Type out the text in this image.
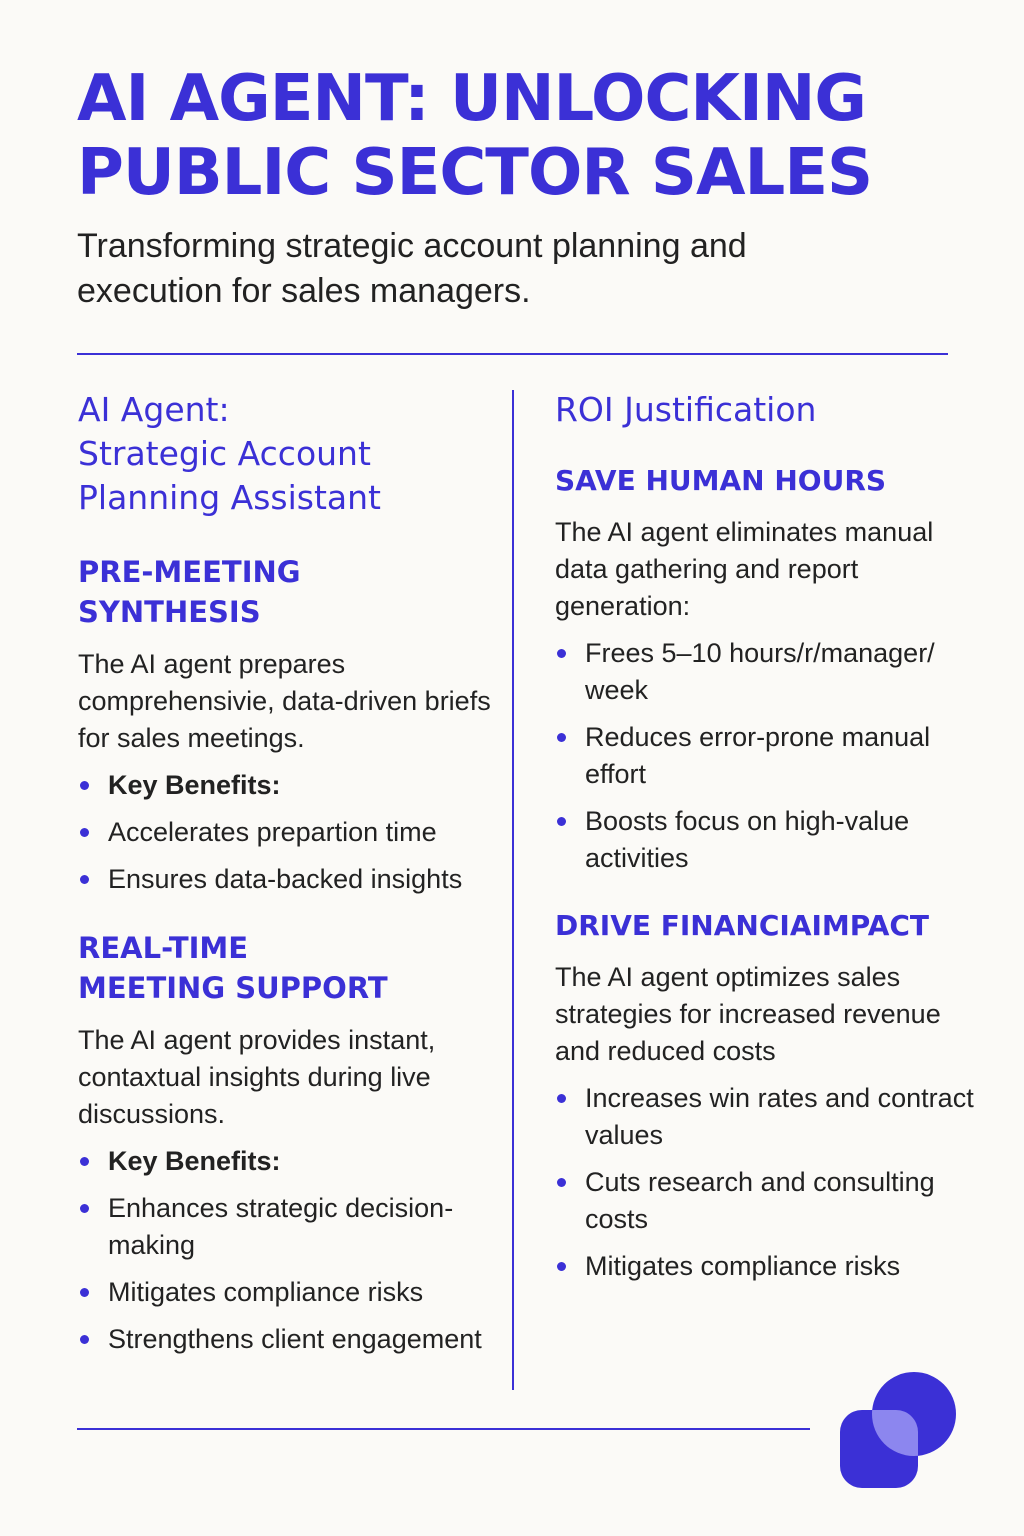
AI AGENT: UNLOCKING
PUBLIC SECTOR SALES

Transforming strategic account planning and
execution for sales managers.

AI Agent:
Strategic Account
Planning Assistant
PRE-MEETING
SYNTHESIS

The AI agent prepares comprehensivie, data-driven briefs for sales meetings.

Key Benefits:
Accelerates prepartion time
Ensures data-backed insights
REAL-TIME
MEETING SUPPORT

The AI agent provides instant, contaxtual insights during live discussions.

Key Benefits:
Enhances strategic decision-making
Mitigates compliance risks
Strengthens client engagement
ROI Justification
SAVE HUMAN HOURS

The AI agent eliminates manual data gathering and report generation:

Frees 5–10 hours/r/manager/ week
Reduces error-prone manual effort
Boosts focus on high-value activities
DRIVE FINANCIAIMPACT

The AI agent optimizes sales strategies for increased revenue and reduced costs

Increases win rates and contract values
Cuts research and consulting costs
Mitigates compliance risks
